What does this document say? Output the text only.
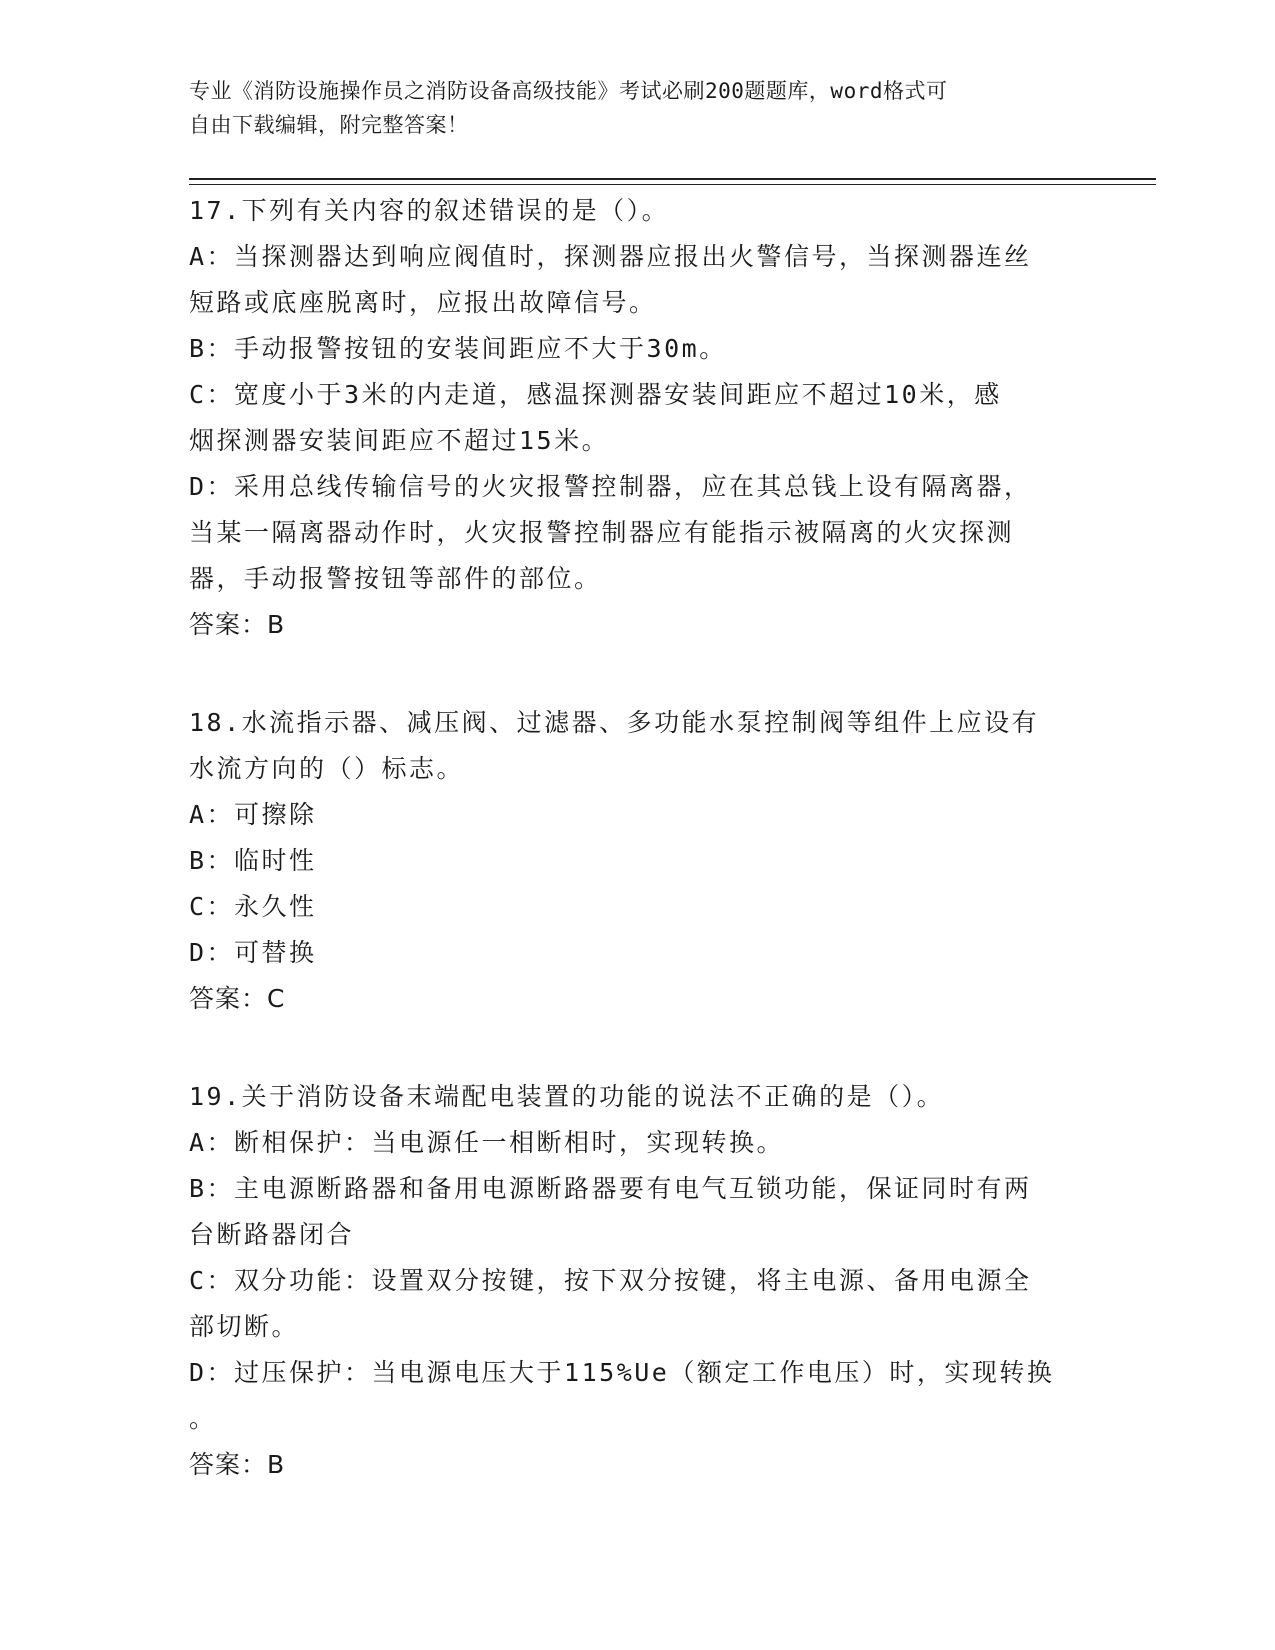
专业《消防设施操作员之消防设备高级技能》考试必刷200题题库，word格式可
自由下载编辑，附完整答案！

17.下列有关内容的叙述错误的是（）。

A：当探测器达到响应阀值时，探测器应报出火警信号，当探测器连丝

短路或底座脱离时，应报出故障信号。

B：手动报警按钮的安装间距应不大于30m。

C：宽度小于3米的内走道，感温探测器安装间距应不超过10米，感

烟探测器安装间距应不超过15米。

D：采用总线传输信号的火灾报警控制器，应在其总钱上设有隔离器，

当某一隔离器动作时，火灾报警控制器应有能指示被隔离的火灾探测

器，手动报警按钮等部件的部位。

答案：B

18.水流指示器、减压阀、过滤器、多功能水泵控制阀等组件上应设有

水流方向的（）标志。

A：可擦除

B：临时性

C：永久性

D：可替换

答案：C

19.关于消防设备末端配电装置的功能的说法不正确的是（）。

A：断相保护：当电源任一相断相时，实现转换。

B：主电源断路器和备用电源断路器要有电气互锁功能，保证同时有两

台断路器闭合

C：双分功能：设置双分按键，按下双分按键，将主电源、备用电源全

部切断。

D：过压保护：当电源电压大于115%Ue（额定工作电压）时，实现转换

。

答案：B
